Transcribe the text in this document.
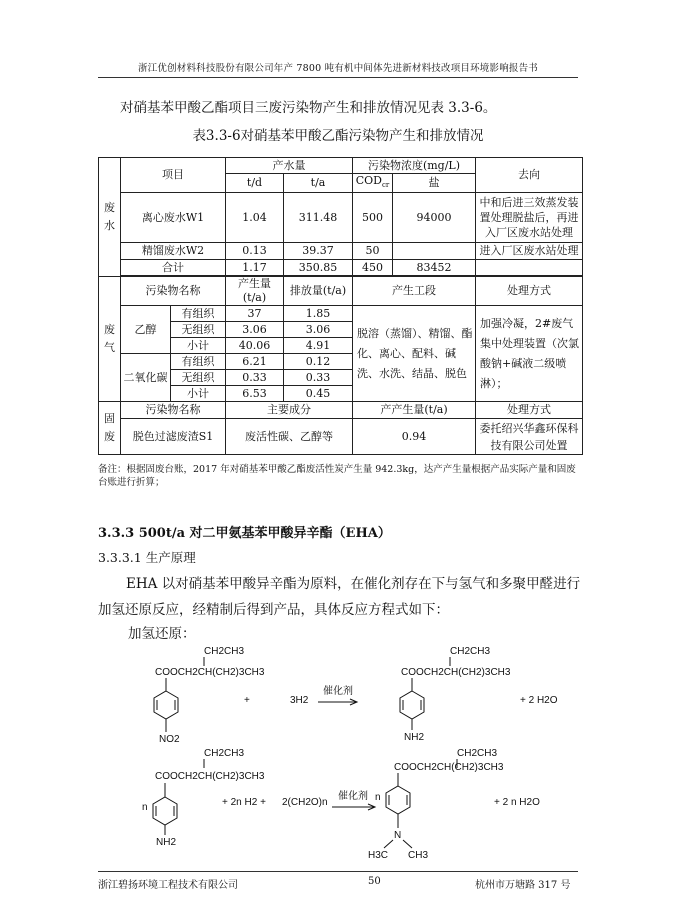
浙江优创材料科技股份有限公司年产 7800 吨有机中间体先进新材料技改项目环境影响报告书
对硝基苯甲酸乙酯项目三废污染物产生和排放情况见表 3.3-6。
表3.3-6对硝基苯甲酸乙酯污染物产生和排放情况
废水	项目		产水量		污染物浓度(mg/L)		去向
			t/d	t/a	$COD_{cr}$	盐	
	离心废水W1		1.04	311.48	500	94000	中和后进三效蒸发装置处理脱盐后，再进入厂区废水站处理
	精馏废水W2		0.13	39.37	50		进入厂区废水站处理
	合计		1.17	350.85	450	83452	

废气	污染物名称		产生量(t/a)	排放量(t/a)	产生工段		处理方式
	乙醇	有组织	37	1.85	脱溶（蒸馏）、精馏、酯化、离心、配料、碱洗、水洗、结晶、脱色		加强冷凝，2#废气集中处理装置（次氯酸钠+碱液二级喷淋）；
		无组织	3.06	3.06			
		小计	40.06	4.91			
	二氧化碳	有组织	6.21	0.12			
		无组织	0.33	0.33			
		小计	6.53	0.45			
固废	污染物名称		主要成分		产产生量(t/a)		处理方式
	脱色过滤废渣S1		废活性碳、乙醇等		0.94		委托绍兴华鑫环保科技有限公司处置
备注：根据固废台账，2017 年对硝基苯甲酸乙酯废活性炭产生量 942.3kg，达产产生量根据产品实际产量和固废台账进行折算；
3.3.3 500t/a 对二甲氨基苯甲酸异辛酯（EHA）
3.3.3.1 生产原理
EHA 以对硝基苯甲酸异辛酯为原料，在催化剂存在下与氢气和多聚甲醛进行加氢还原反应，经精制后得到产品，具体反应方程式如下：
加氢还原：
CH2CH3
COOCH2CH(CH2)3CH3
NO2
+	3H2
催化剂
CH2CH3
COOCH2CH(CH2)3CH3
NH2
+ 2 H2O
CH2CH3
COOCH2CH(CH2)3CH3
n
NH2
+ 2n H2 + 2(CH2O)n
催化剂
CH2CH3
COOCH2CH(CH2)3CH3
n
N
H3C CH3
+ 2 n H2O
浙江碧扬环境工程技术有限公司	50	杭州市万塘路 317 号
